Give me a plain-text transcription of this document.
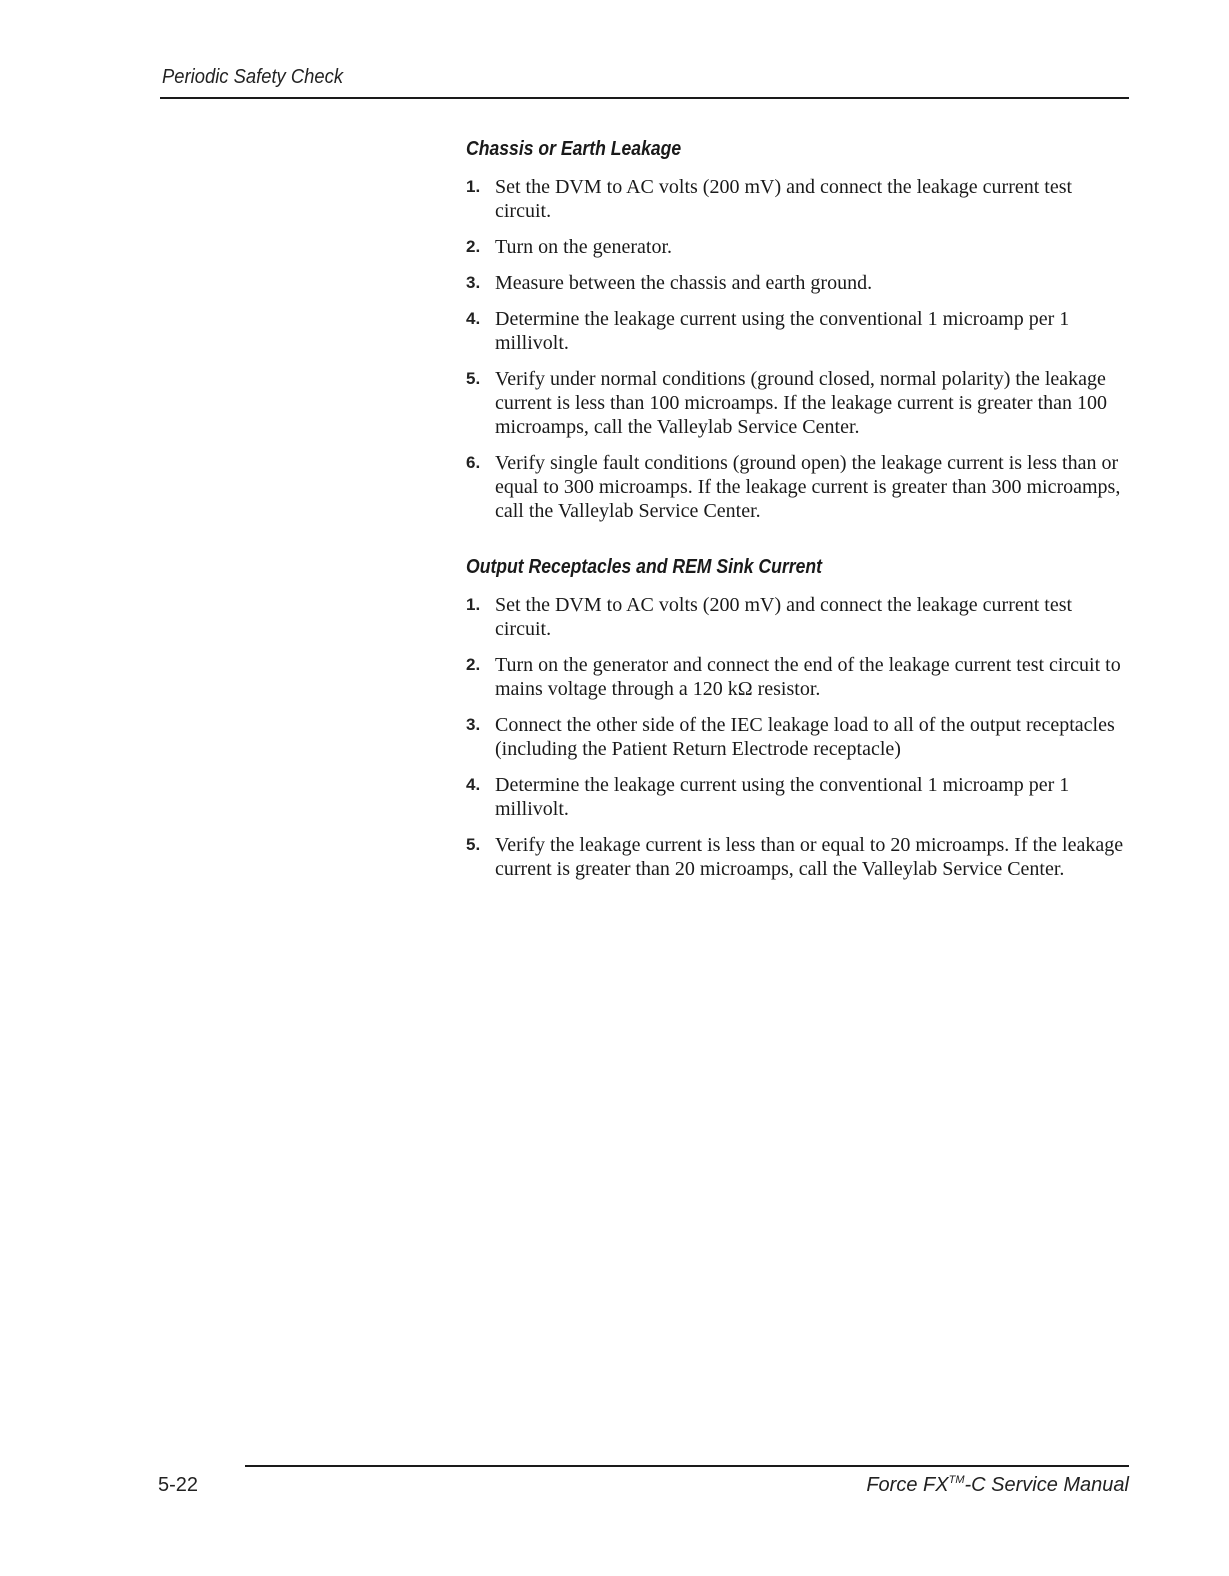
Periodic Safety Check
Chassis or Earth Leakage
1. Set the DVM to AC volts (200 mV) and connect the leakage current test circuit.
2. Turn on the generator.
3. Measure between the chassis and earth ground.
4. Determine the leakage current using the conventional 1 microamp per 1 millivolt.
5. Verify under normal conditions (ground closed, normal polarity) the leakage current is less than 100 microamps. If the leakage current is greater than 100 microamps, call the Valleylab Service Center.
6. Verify single fault conditions (ground open) the leakage current is less than or equal to 300 microamps. If the leakage current is greater than 300 microamps, call the Valleylab Service Center.
Output Receptacles and REM Sink Current
1. Set the DVM to AC volts (200 mV) and connect the leakage current test circuit.
2. Turn on the generator and connect the end of the leakage current test circuit to mains voltage through a 120 kΩ resistor.
3. Connect the other side of the IEC leakage load to all of the output receptacles (including the Patient Return Electrode receptacle)
4. Determine the leakage current using the conventional 1 microamp per 1 millivolt.
5. Verify the leakage current is less than or equal to 20 microamps. If the leakage current is greater than 20 microamps, call the Valleylab Service Center.
5-22	Force FX™-C Service Manual
